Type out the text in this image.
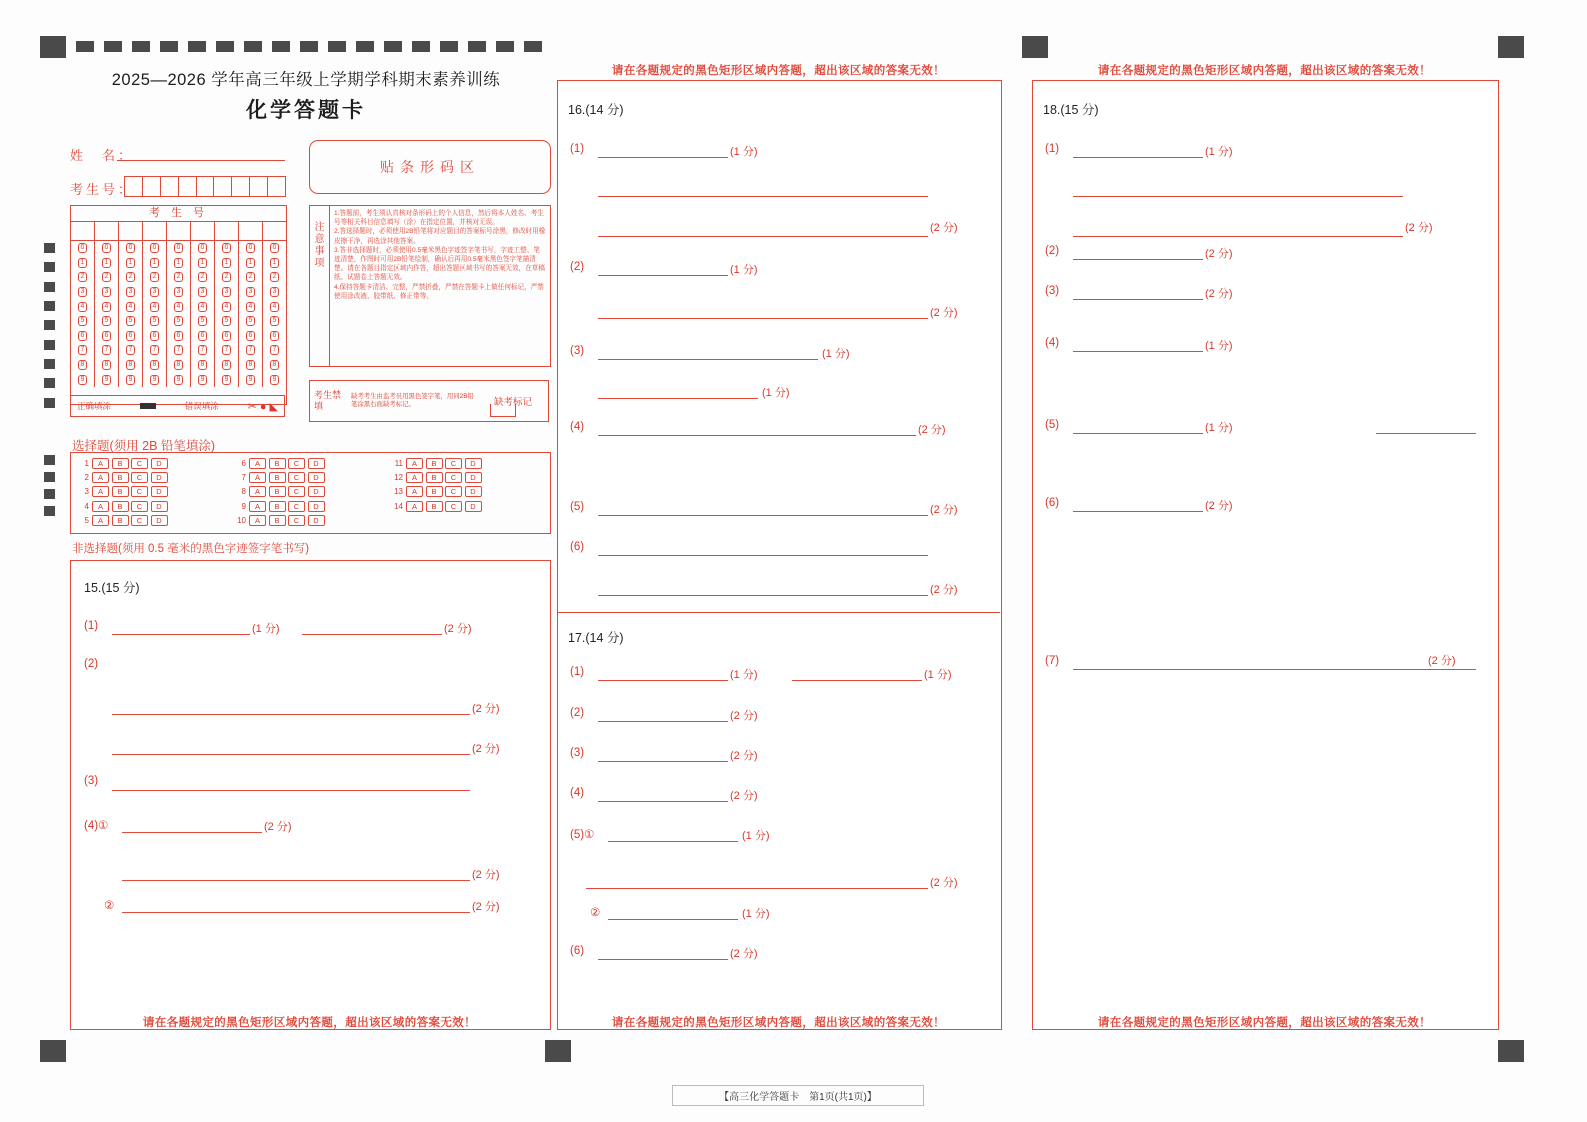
2025—2026 学年高三年级上学期学科期末素养训练
化学答题卡
姓　名：
考生号：
贴条形码区
考 生 号
0	0	0	0	0	0	0	0	0
1	1	1	1	1	1	1	1	1
2	2	2	2	2	2	2	2	2
3	3	3	3	3	3	3	3	3
4	4	4	4	4	4	4	4	4
5	5	5	5	5	5	5	5	5
6	6	6	6	6	6	6	6	6
7	7	7	7	7	7	7	7	7
8	8	8	8	8	8	8	8	8
9	9	9	9	9	9	9	9	9
注意事项
1.答题前，考生须认真核对条形码上的个人信息，然后将本人姓名、考生号等相关科目信息填写（涂）在指定位置，并核对无误。
2.答选择题时，必须使用2B铅笔将对应题目的答案标号涂黑，修改时用橡皮擦干净，再选涂其他答案。
3.答非选择题时，必须使用0.5毫米黑色字迹签字笔书写，字迹工整、笔迹清楚，作图时可用2B铅笔绘制，确认后再用0.5毫米黑色签字笔描清楚。请在各题目指定区域内作答，超出答题区域书写的答案无效，在草稿纸、试题卷上答题无效。
4.保持答题卡清洁、完整，严禁折叠，严禁在答题卡上做任何标记，严禁使用涂改液、胶带纸、修正带等。
正确填涂	错误填涂	✂ ● ◣
考生禁填
缺考考生由监考员用黑色签字笔，用同2B铅笔涂黑右面缺考标记。	缺考标记
选择题(须用 2B 铅笔填涂)
1	A	B	C	D
2	A	B	C	D
3	A	B	C	D
4	A	B	C	D
5	A	B	C	D
6	A	B	C	D
7	A	B	C	D
8	A	B	C	D
9	A	B	C	D
10	A	B	C	D
11	A	B	C	D
12	A	B	C	D
13	A	B	C	D
14	A	B	C	D
非选择题(须用 0.5 毫米的黑色字迹签字笔书写)
15.(15 分)
(1)	(1 分)	(2 分)
(2)
(2 分)
(2 分)
(3)
(4)①	(2 分)
(2 分)
②	(2 分)
请在各题规定的黑色矩形区域内答题，超出该区域的答案无效！
请在各题规定的黑色矩形区域内答题，超出该区域的答案无效！
16.(14 分)
(1)	(1 分)
(2 分)
(2)	(1 分)
(2 分)
(3)	(1 分)
(1 分)
(4)	(2 分)
(5)	(2 分)
(6)
(2 分)
17.(14 分)
(1)	(1 分)	(1 分)
(2)	(2 分)
(3)	(2 分)
(4)	(2 分)
(5)①	(1 分)
(2 分)
②	(1 分)
(6)	(2 分)
请在各题规定的黑色矩形区域内答题，超出该区域的答案无效！
请在各题规定的黑色矩形区域内答题，超出该区域的答案无效！
18.(15 分)
(1)	(1 分)
(2 分)
(2)	(2 分)
(3)	(2 分)
(4)	(1 分)
(5)	(1 分)
(6)	(2 分)
(7)	(2 分)
请在各题规定的黑色矩形区域内答题，超出该区域的答案无效！
【高三化学答题卡　第1页(共1页)】
